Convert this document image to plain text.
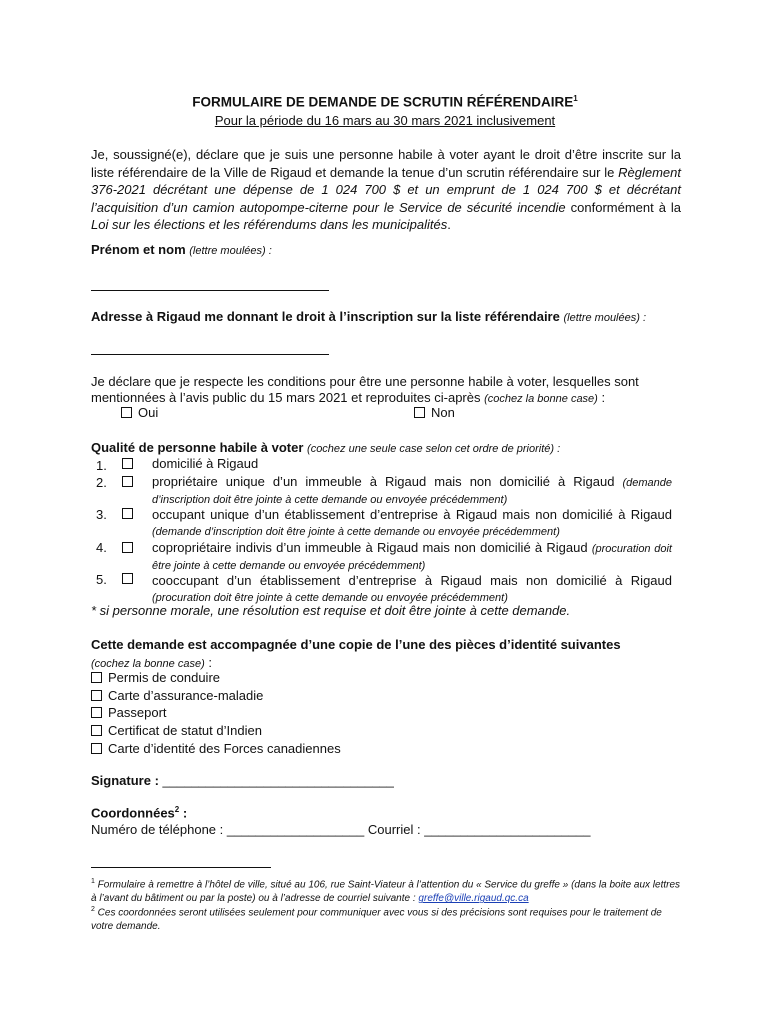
FORMULAIRE DE DEMANDE DE SCRUTIN RÉFÉRENDAIRE$^1$
Pour la période du 16 mars au 30 mars 2021 inclusivement
Je, soussigné(e), déclare que je suis une personne habile à voter ayant le droit d’être inscrite sur la liste référendaire de la Ville de Rigaud et demande la tenue d’un scrutin référendaire sur le Règlement 376-2021 décrétant une dépense de 1 024 700 $ et un emprunt de 1 024 700 $ et décrétant l’acquisition d’un camion autopompe-citerne pour le Service de sécurité incendie conformément à la Loi sur les élections et les référendums dans les municipalités.
Prénom et nom (lettre moulées) :
Adresse à Rigaud me donnant le droit à l’inscription sur la liste référendaire (lettre moulées) :
Je déclare que je respecte les conditions pour être une personne habile à voter, lesquelles sont mentionnées à l’avis public du 15 mars 2021 et reproduites ci-après (cochez la bonne case) :
Oui	Non
Qualité de personne habile à voter (cochez une seule case selon cet ordre de priorité) :
1.	domicilié à Rigaud
2.	propriétaire unique d’un immeuble à Rigaud mais non domicilié à Rigaud (demande d’inscription doit être jointe à cette demande ou envoyée précédemment)
3.	occupant unique d’un établissement d’entreprise à Rigaud mais non domicilié à Rigaud (demande d’inscription doit être jointe à cette demande ou envoyée précédemment)
4.	copropriétaire indivis d’un immeuble à Rigaud mais non domicilié à Rigaud (procuration doit être jointe à cette demande ou envoyée précédemment)
5.	cooccupant d’un établissement d’entreprise à Rigaud mais non domicilié à Rigaud (procuration doit être jointe à cette demande ou envoyée précédemment)
* si personne morale, une résolution est requise et doit être jointe à cette demande.
Cette demande est accompagnée d’une copie de l’une des pièces d’identité suivantes
(cochez la bonne case) :
Permis de conduire
Carte d’assurance-maladie
Passeport
Certificat de statut d’Indien
Carte d’identité des Forces canadiennes
Signature : ________________________________
Coordonnées$^2$ :
Numéro de téléphone : ___________________ Courriel : _______________________
$^1$ Formulaire à remettre à l’hôtel de ville, situé au 106, rue Saint-Viateur à l’attention du « Service du greffe » (dans la boite aux lettres à l’avant du bâtiment ou par la poste) ou à l’adresse de courriel suivante : greffe@ville.rigaud.qc.ca
$^2$ Ces coordonnées seront utilisées seulement pour communiquer avec vous si des précisions sont requises pour le traitement de votre demande.
